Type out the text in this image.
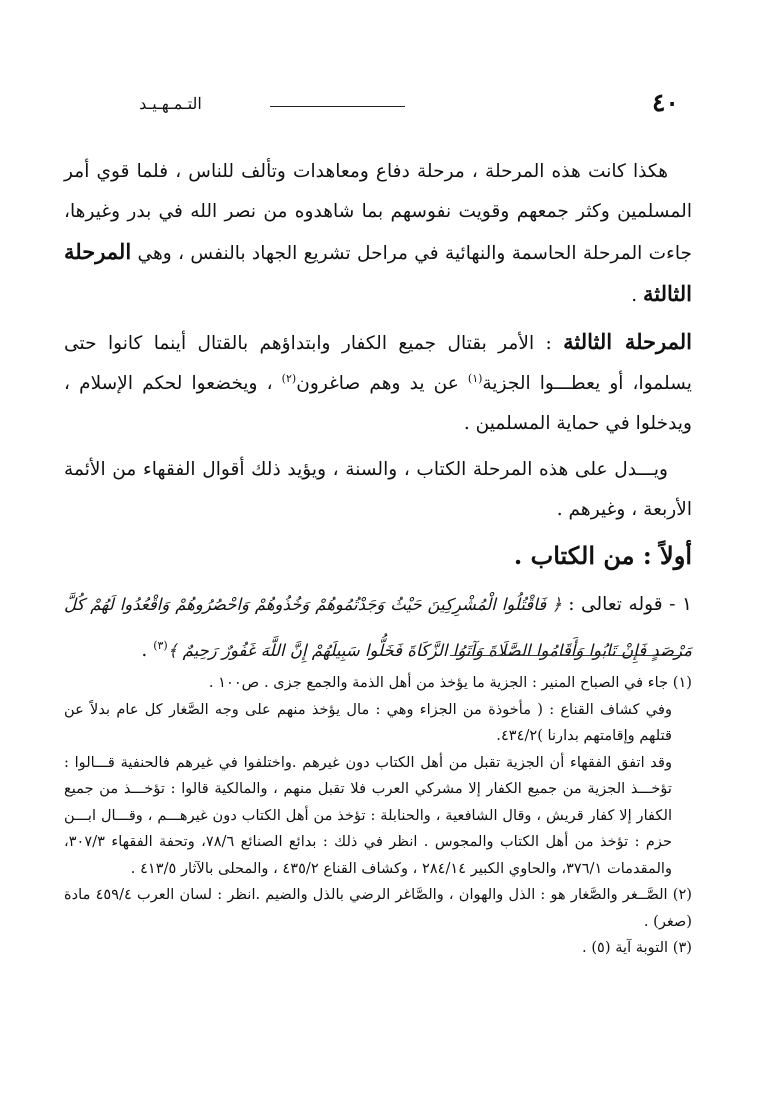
٤٠
التـمـهـيـد

هكذا كانت هذه المرحلة ، مرحلة دفاع ومعاهدات وتألف للناس ، فلما قوي أمر المسلمين وكثر جمعهم وقويت نفوسهم بما شاهدوه من نصر الله في بدر وغيرها، جاءت المرحلة الحاسمة والنهائية في مراحل تشريع الجهاد بالنفس ، وهي المرحلة الثالثة .

المرحلة الثالثة : الأمر بقتال جميع الكفار وابتداؤهم بالقتال أينما كانوا حتى يسلموا، أو يعطـــوا الجزية$^{(١)}$ عن يد وهم صاغرون$^{(٢)}$ ، ويخضعوا لحكم الإسلام ، ويدخلوا في حماية المسلمين .

ويـــدل على هذه المرحلة الكتاب ، والسنة ، ويؤيد ذلك أقوال الفقهاء من الأئمة الأربعة ، وغيرهم .

أولاً : من الكتاب .

١ - قوله تعالى : ﴿ فَاقْتُلُوا الْمُشْرِكِينَ حَيْثُ وَجَدْتُمُوهُمْ وَخُذُوهُمْ وَاحْصُرُوهُمْ وَاقْعُدُوا لَهُمْ كُلَّ مَرْصَدٍ فَإِنْ تَابُوا وَأَقَامُوا الصَّلَاةَ وَآتَوُا الزَّكَاةَ فَخَلُّوا سَبِيلَهُمْ إِنَّ اللَّهَ غَفُورٌ رَحِيمٌ ﴾$^{(٣)}$ .

(١) جاء في الصباح المنير : الجزية ما يؤخذ من أهل الذمة والجمع جزى . ص١٠٠ .

وفي كشاف القناع : ( مأخوذة من الجزاء وهي : مال يؤخذ منهم على وجه الصَّغار كل عام بدلاً عن قتلهم وإقامتهم بدارنا )٤٣٤/٢.

وقد اتفق الفقهاء أن الجزية تقبل من أهل الكتاب دون غيرهم .واختلفوا في غيرهم فالحنفية قـــالوا : تؤخـــذ الجزية من جميع الكفار إلا مشركي العرب فلا تقبل منهم ، والمالكية قالوا : تؤخـــذ من جميع الكفار إلا كفار قريش ، وقال الشافعية ، والحنابلة : تؤخذ من أهل الكتاب دون غيرهـــم ، وقـــال ابـــن حزم : تؤخذ من أهل الكتاب والمجوس . انظر في ذلك : بدائع الصنائع ٧٨/٦، وتحفة الفقهاء ٣٠٧/٣، والمقدمات ٣٧٦/١، والحاوي الكبير ٢٨٤/١٤ ، وكشاف القناع ٤٣٥/٢ ، والمحلى بالآثار ٤١٣/٥ .

(٢) الصَّــغر والصَّغار هو : الذل والهوان ، والصَّاغر الرضي بالذل والضيم .انظر : لسان العرب ٤٥٩/٤ مادة (صغر) .

(٣) التوبة آية (٥) .
